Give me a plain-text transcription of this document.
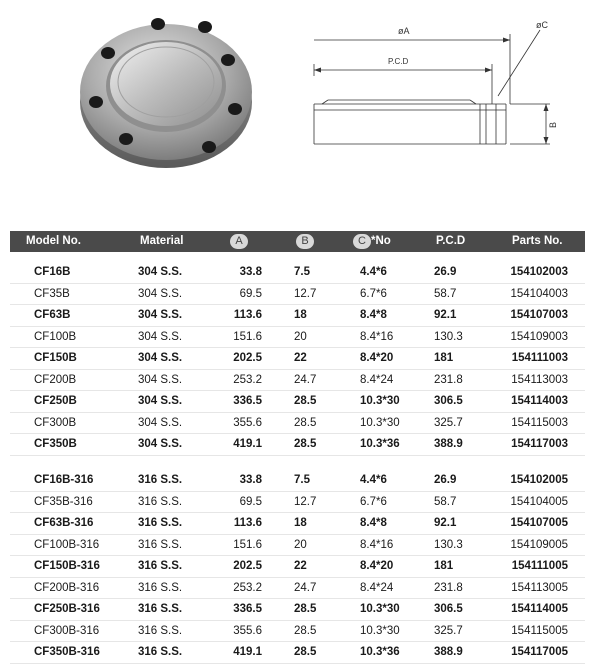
øA
øC
P.C.D
B
Model No.	Material	A	B	C *No	P.C.D	Parts No.
CF16B	304 S.S.	33.8	7.5	4.4*6	26.9	154102003
CF35B	304 S.S.	69.5	12.7	6.7*6	58.7	154104003
CF63B	304 S.S.	113.6	18	8.4*8	92.1	154107003
CF100B	304 S.S.	151.6	20	8.4*16	130.3	154109003
CF150B	304 S.S.	202.5	22	8.4*20	181	154111003
CF200B	304 S.S.	253.2	24.7	8.4*24	231.8	154113003
CF250B	304 S.S.	336.5	28.5	10.3*30	306.5	154114003
CF300B	304 S.S.	355.6	28.5	10.3*30	325.7	154115003
CF350B	304 S.S.	419.1	28.5	10.3*36	388.9	154117003
CF16B-316	316 S.S.	33.8	7.5	4.4*6	26.9	154102005
CF35B-316	316 S.S.	69.5	12.7	6.7*6	58.7	154104005
CF63B-316	316 S.S.	113.6	18	8.4*8	92.1	154107005
CF100B-316	316 S.S.	151.6	20	8.4*16	130.3	154109005
CF150B-316	316 S.S.	202.5	22	8.4*20	181	154111005
CF200B-316	316 S.S.	253.2	24.7	8.4*24	231.8	154113005
CF250B-316	316 S.S.	336.5	28.5	10.3*30	306.5	154114005
CF300B-316	316 S.S.	355.6	28.5	10.3*30	325.7	154115005
CF350B-316	316 S.S.	419.1	28.5	10.3*36	388.9	154117005
